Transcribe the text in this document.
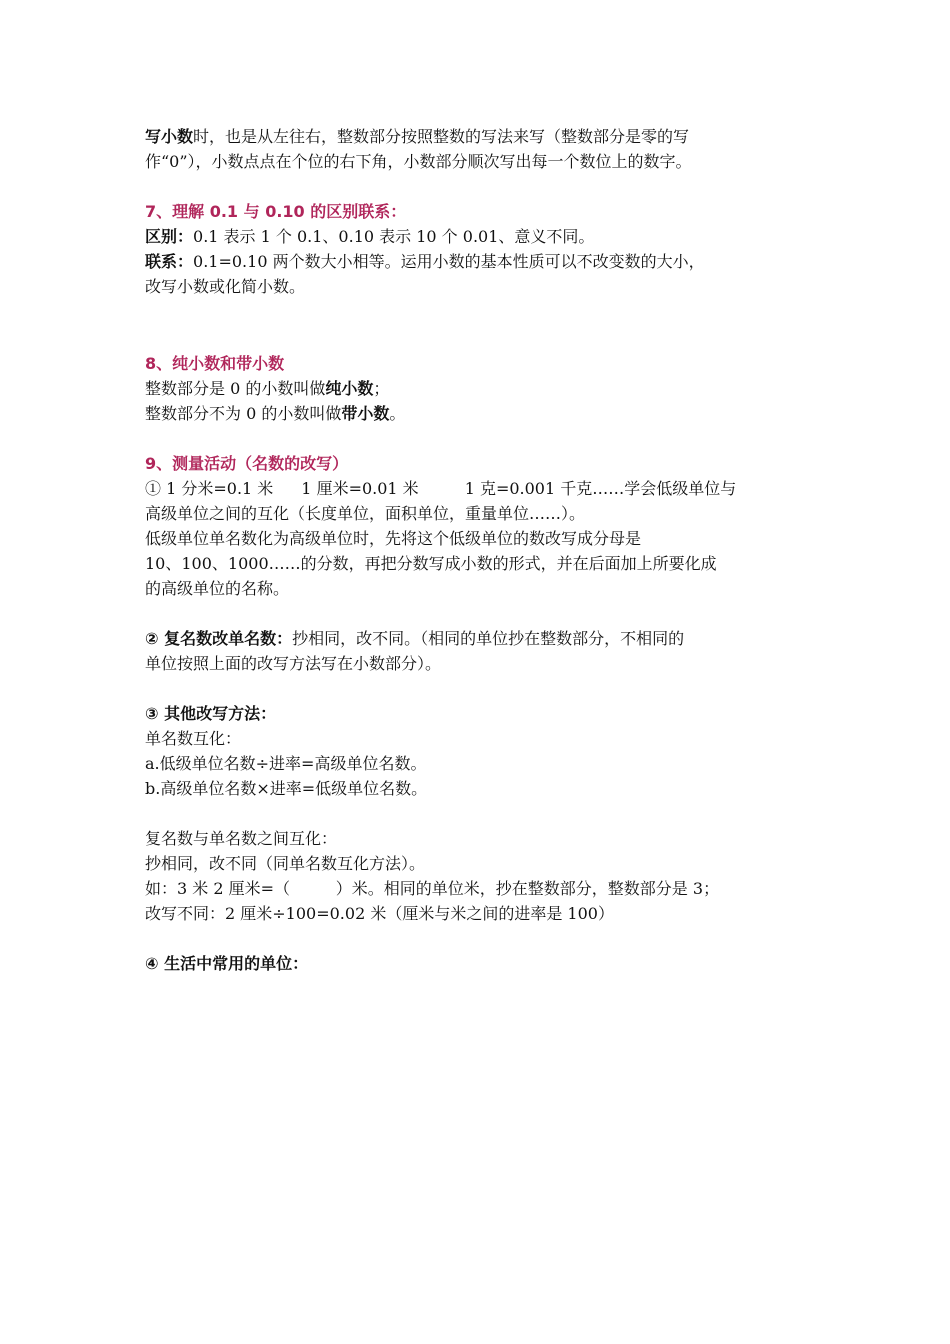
写小数时，也是从左往右，整数部分按照整数的写法来写（整数部分是零的写

作“0”），小数点点在个位的右下角，小数部分顺次写出每一个数位上的数字。

7、理解 0.1 与 0.10 的区别联系：

区别：0.1 表示 1 个 0.1、0.10 表示 10 个 0.01、意义不同。

联系：0.1=0.10 两个数大小相等。运用小数的基本性质可以不改变数的大小，

改写小数或化简小数。

8、纯小数和带小数

整数部分是 0 的小数叫做纯小数；

整数部分不为 0 的小数叫做带小数。

9、测量活动（名数的改写）

① 1 分米=0.1 米 1 厘米=0.01 米	1 克=0.001 千克……学会低级单位与

高级单位之间的互化（长度单位，面积单位，重量单位……）。

低级单位单名数化为高级单位时，先将这个低级单位的数改写成分母是

10、100、1000……的分数，再把分数写成小数的形式，并在后面加上所要化成

的高级单位的名称。

② 复名数改单名数：抄相同，改不同。（相同的单位抄在整数部分，不相同的

单位按照上面的改写方法写在小数部分）。

③ 其他改写方法：

单名数互化：

a.低级单位名数÷进率=高级单位名数。

b.高级单位名数×进率=低级单位名数。

复名数与单名数之间互化：

抄相同，改不同（同单名数互化方法）。

如：3 米 2 厘米=（         ）米。相同的单位米，抄在整数部分，整数部分是 3；

改写不同：2 厘米÷100=0.02 米（厘米与米之间的进率是 100）

④ 生活中常用的单位：
